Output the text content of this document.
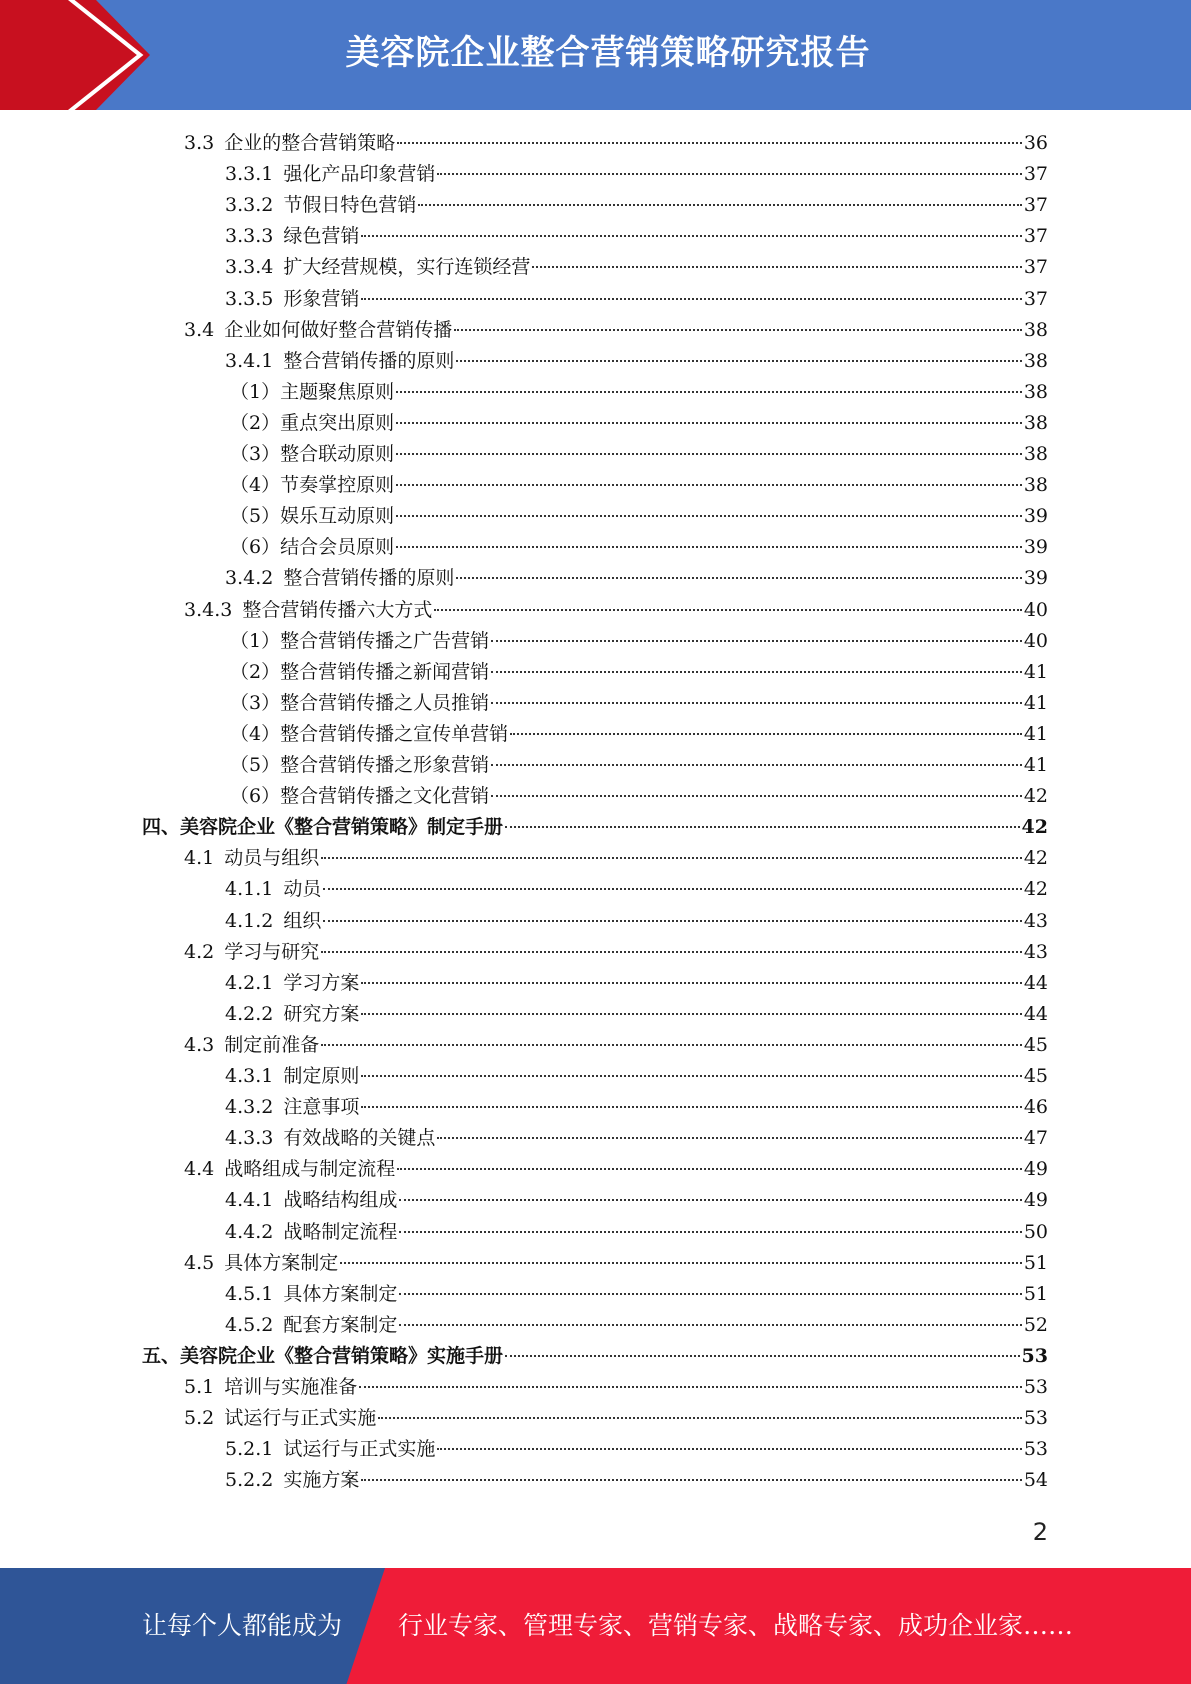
美容院企业整合营销策略研究报告
3.3 企业的整合营销策略	36
3.3.1 强化产品印象营销	37
3.3.2 节假日特色营销	37
3.3.3 绿色营销	37
3.3.4 扩大经营规模，实行连锁经营	37
3.3.5 形象营销	37
3.4 企业如何做好整合营销传播	38
3.4.1 整合营销传播的原则	38
（1）主题聚焦原则	38
（2）重点突出原则	38
（3）整合联动原则	38
（4）节奏掌控原则	38
（5）娱乐互动原则	39
（6）结合会员原则	39
3.4.2 整合营销传播的原则	39
3.4.3 整合营销传播六大方式	40
（1）整合营销传播之广告营销	40
（2）整合营销传播之新闻营销	41
（3）整合营销传播之人员推销	41
（4）整合营销传播之宣传单营销	41
（5）整合营销传播之形象营销	41
（6）整合营销传播之文化营销	42
四、美容院企业《整合营销策略》制定手册	42
4.1 动员与组织	42
4.1.1 动员	42
4.1.2 组织	43
4.2 学习与研究	43
4.2.1 学习方案	44
4.2.2 研究方案	44
4.3 制定前准备	45
4.3.1 制定原则	45
4.3.2 注意事项	46
4.3.3 有效战略的关键点	47
4.4 战略组成与制定流程	49
4.4.1 战略结构组成	49
4.4.2 战略制定流程	50
4.5 具体方案制定	51
4.5.1 具体方案制定	51
4.5.2 配套方案制定	52
五、美容院企业《整合营销策略》实施手册	53
5.1 培训与实施准备	53
5.2 试运行与正式实施	53
5.2.1 试运行与正式实施	53
5.2.2 实施方案	54
2
让每个人都能成为 行业专家、管理专家、营销专家、战略专家、成功企业家……
